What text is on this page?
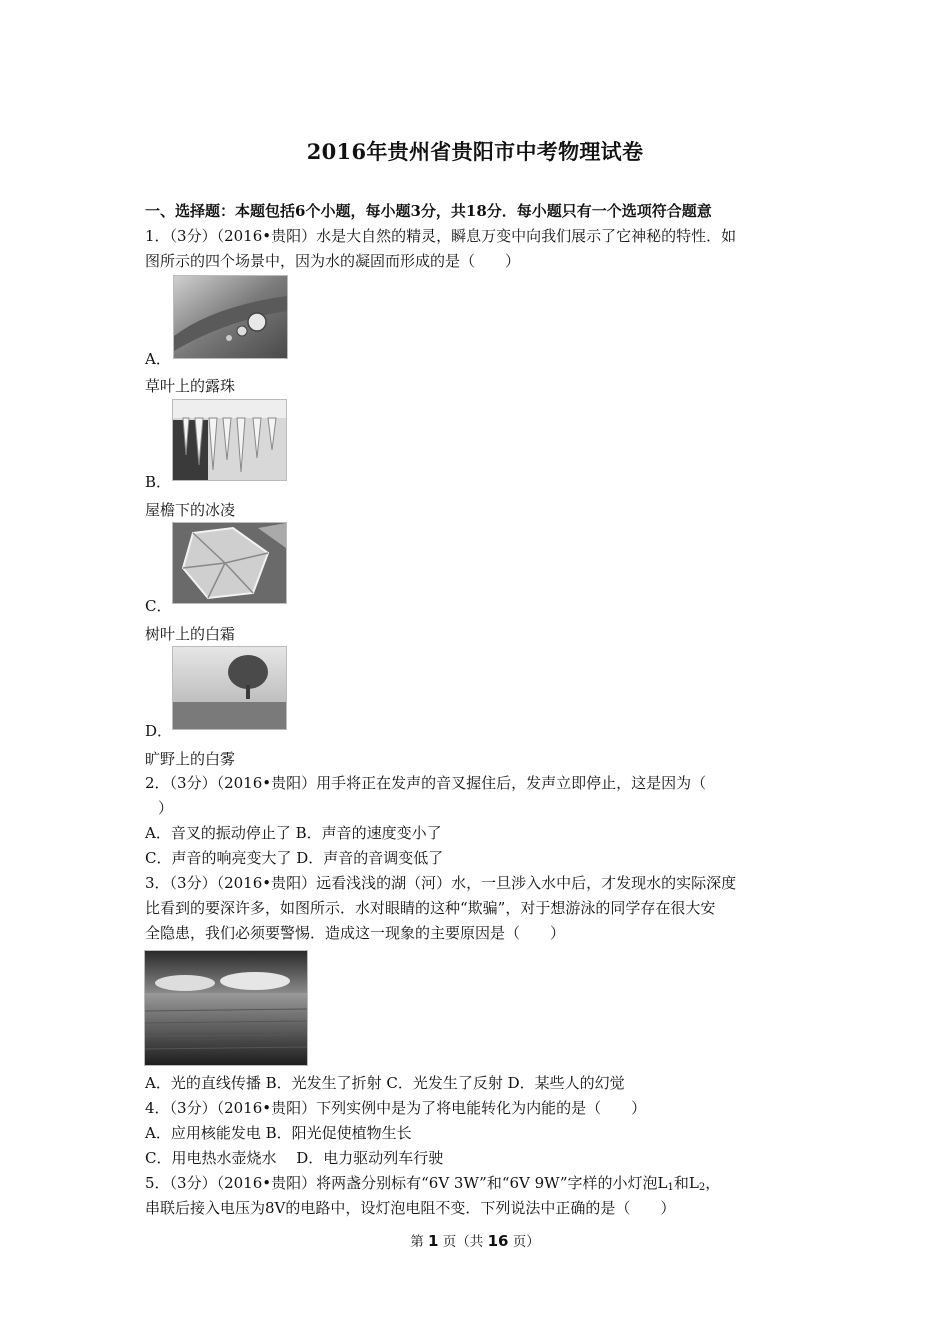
2016年贵州省贵阳市中考物理试卷
一、选择题：本题包括6个小题，每小题3分，共18分．每小题只有一个选项符合题意
1．（3分）（2016•贵阳）水是大自然的精灵，瞬息万变中向我们展示了它神秘的特性．如
图所示的四个场景中，因为水的凝固而形成的是（　　）
A．
草叶上的露珠
B．
屋檐下的冰凌
C．
树叶上的白霜
D．
旷野上的白雾
2．（3分）（2016•贵阳）用手将正在发声的音叉握住后，发声立即停止，这是因为（
）
A．音叉的振动停止了 B．声音的速度变小了
C．声音的响亮变大了 D．声音的音调变低了
3．（3分）（2016•贵阳）远看浅浅的湖（河）水，一旦涉入水中后，才发现水的实际深度
比看到的要深许多，如图所示．水对眼睛的这种“欺骗”，对于想游泳的同学存在很大安
全隐患，我们必须要警惕．造成这一现象的主要原因是（　　）
A．光的直线传播 B．光发生了折射 C．光发生了反射 D．某些人的幻觉
4．（3分）（2016•贵阳）下列实例中是为了将电能转化为内能的是（　　）
A．应用核能发电 B．阳光促使植物生长
C．用电热水壶烧水　 D．电力驱动列车行驶
5．（3分）（2016•贵阳）将两盏分别标有“6V 3W”和“6V 9W”字样的小灯泡$L_1$和$L_2$，
串联后接入电压为8V的电路中，设灯泡电阻不变．下列说法中正确的是（　　）
第 1 页（共 16 页）
